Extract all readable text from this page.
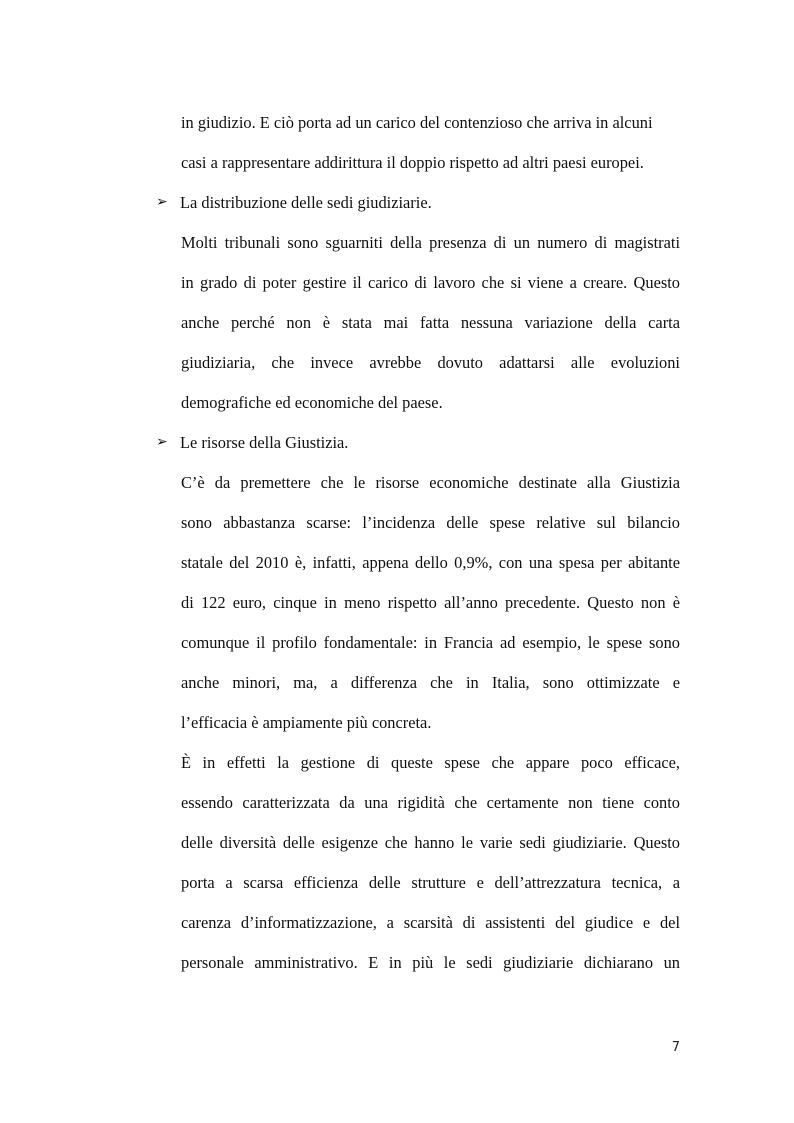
in giudizio. E ciò porta ad un carico del contenzioso che arriva in alcuni
casi a rappresentare addirittura il doppio rispetto ad altri paesi europei.
➢ La distribuzione delle sedi giudiziarie.
Molti tribunali sono sguarniti della presenza di un numero di magistrati
in grado di poter gestire il carico di lavoro che si viene a creare. Questo
anche perché non è stata mai fatta nessuna variazione della carta
giudiziaria, che invece avrebbe dovuto adattarsi alle evoluzioni
demografiche ed economiche del paese.
➢ Le risorse della Giustizia.
C’è da premettere che le risorse economiche destinate alla Giustizia
sono abbastanza scarse: l’incidenza delle spese relative sul bilancio
statale del 2010 è, infatti, appena dello 0,9%, con una spesa per abitante
di 122 euro, cinque in meno rispetto all’anno precedente. Questo non è
comunque il profilo fondamentale: in Francia ad esempio, le spese sono
anche minori, ma, a differenza che in Italia, sono ottimizzate e
l’efficacia è ampiamente più concreta.
È in effetti la gestione di queste spese che appare poco efficace,
essendo caratterizzata da una rigidità che certamente non tiene conto
delle diversità delle esigenze che hanno le varie sedi giudiziarie. Questo
porta a scarsa efficienza delle strutture e dell’attrezzatura tecnica, a
carenza d’informatizzazione, a scarsità di assistenti del giudice e del
personale amministrativo. E in più le sedi giudiziarie dichiarano un
7
